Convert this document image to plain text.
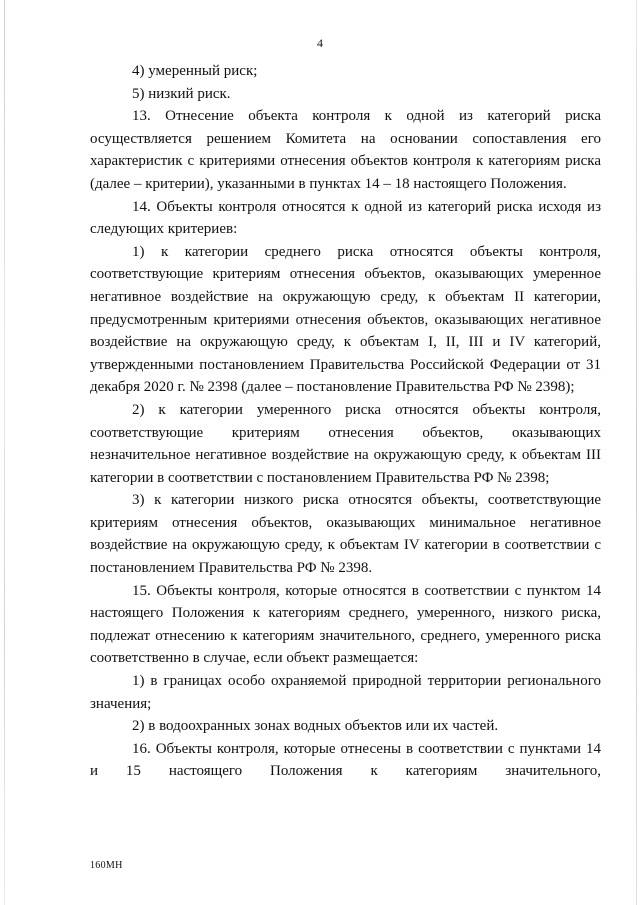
4

4) умеренный риск;

5) низкий риск.

13. Отнесение объекта контроля к одной из категорий риска осуществляется решением Комитета на основании сопоставления его характеристик с критериями отнесения объектов контроля к категориям риска (далее – критерии), указанными в пунктах 14 – 18 настоящего Положения.

14. Объекты контроля относятся к одной из категорий риска исходя из следующих критериев:

1) к категории среднего риска относятся объекты контроля, соответствующие критериям отнесения объектов, оказывающих умеренное негативное воздействие на окружающую среду, к объектам II категории, предусмотренным критериями отнесения объектов, оказывающих негативное воздействие на окружающую среду, к объектам I, II, III и IV категорий, утвержденными постановлением Правительства Российской Федерации от 31 декабря 2020 г. № 2398 (далее – постановление Правительства РФ № 2398);

2) к категории умеренного риска относятся объекты контроля, соответствующие критериям отнесения объектов, оказывающих незначительное негативное воздействие на окружающую среду, к объектам III категории в соответствии с постановлением Правительства РФ № 2398;

3) к категории низкого риска относятся объекты, соответствующие критериям отнесения объектов, оказывающих минимальное негативное воздействие на окружающую среду, к объектам IV категории в соответствии с постановлением Правительства РФ № 2398.

15. Объекты контроля, которые относятся в соответствии с пунктом 14 настоящего Положения к категориям среднего, умеренного, низкого риска, подлежат отнесению к категориям значительного, среднего, умеренного риска соответственно в случае, если объект размещается:

1) в границах особо охраняемой природной территории регионального значения;

2) в водоохранных зонах водных объектов или их частей.

16. Объекты контроля, которые отнесены в соответствии с пунктами 14 и 15 настоящего Положения к категориям значительного,

160МН
